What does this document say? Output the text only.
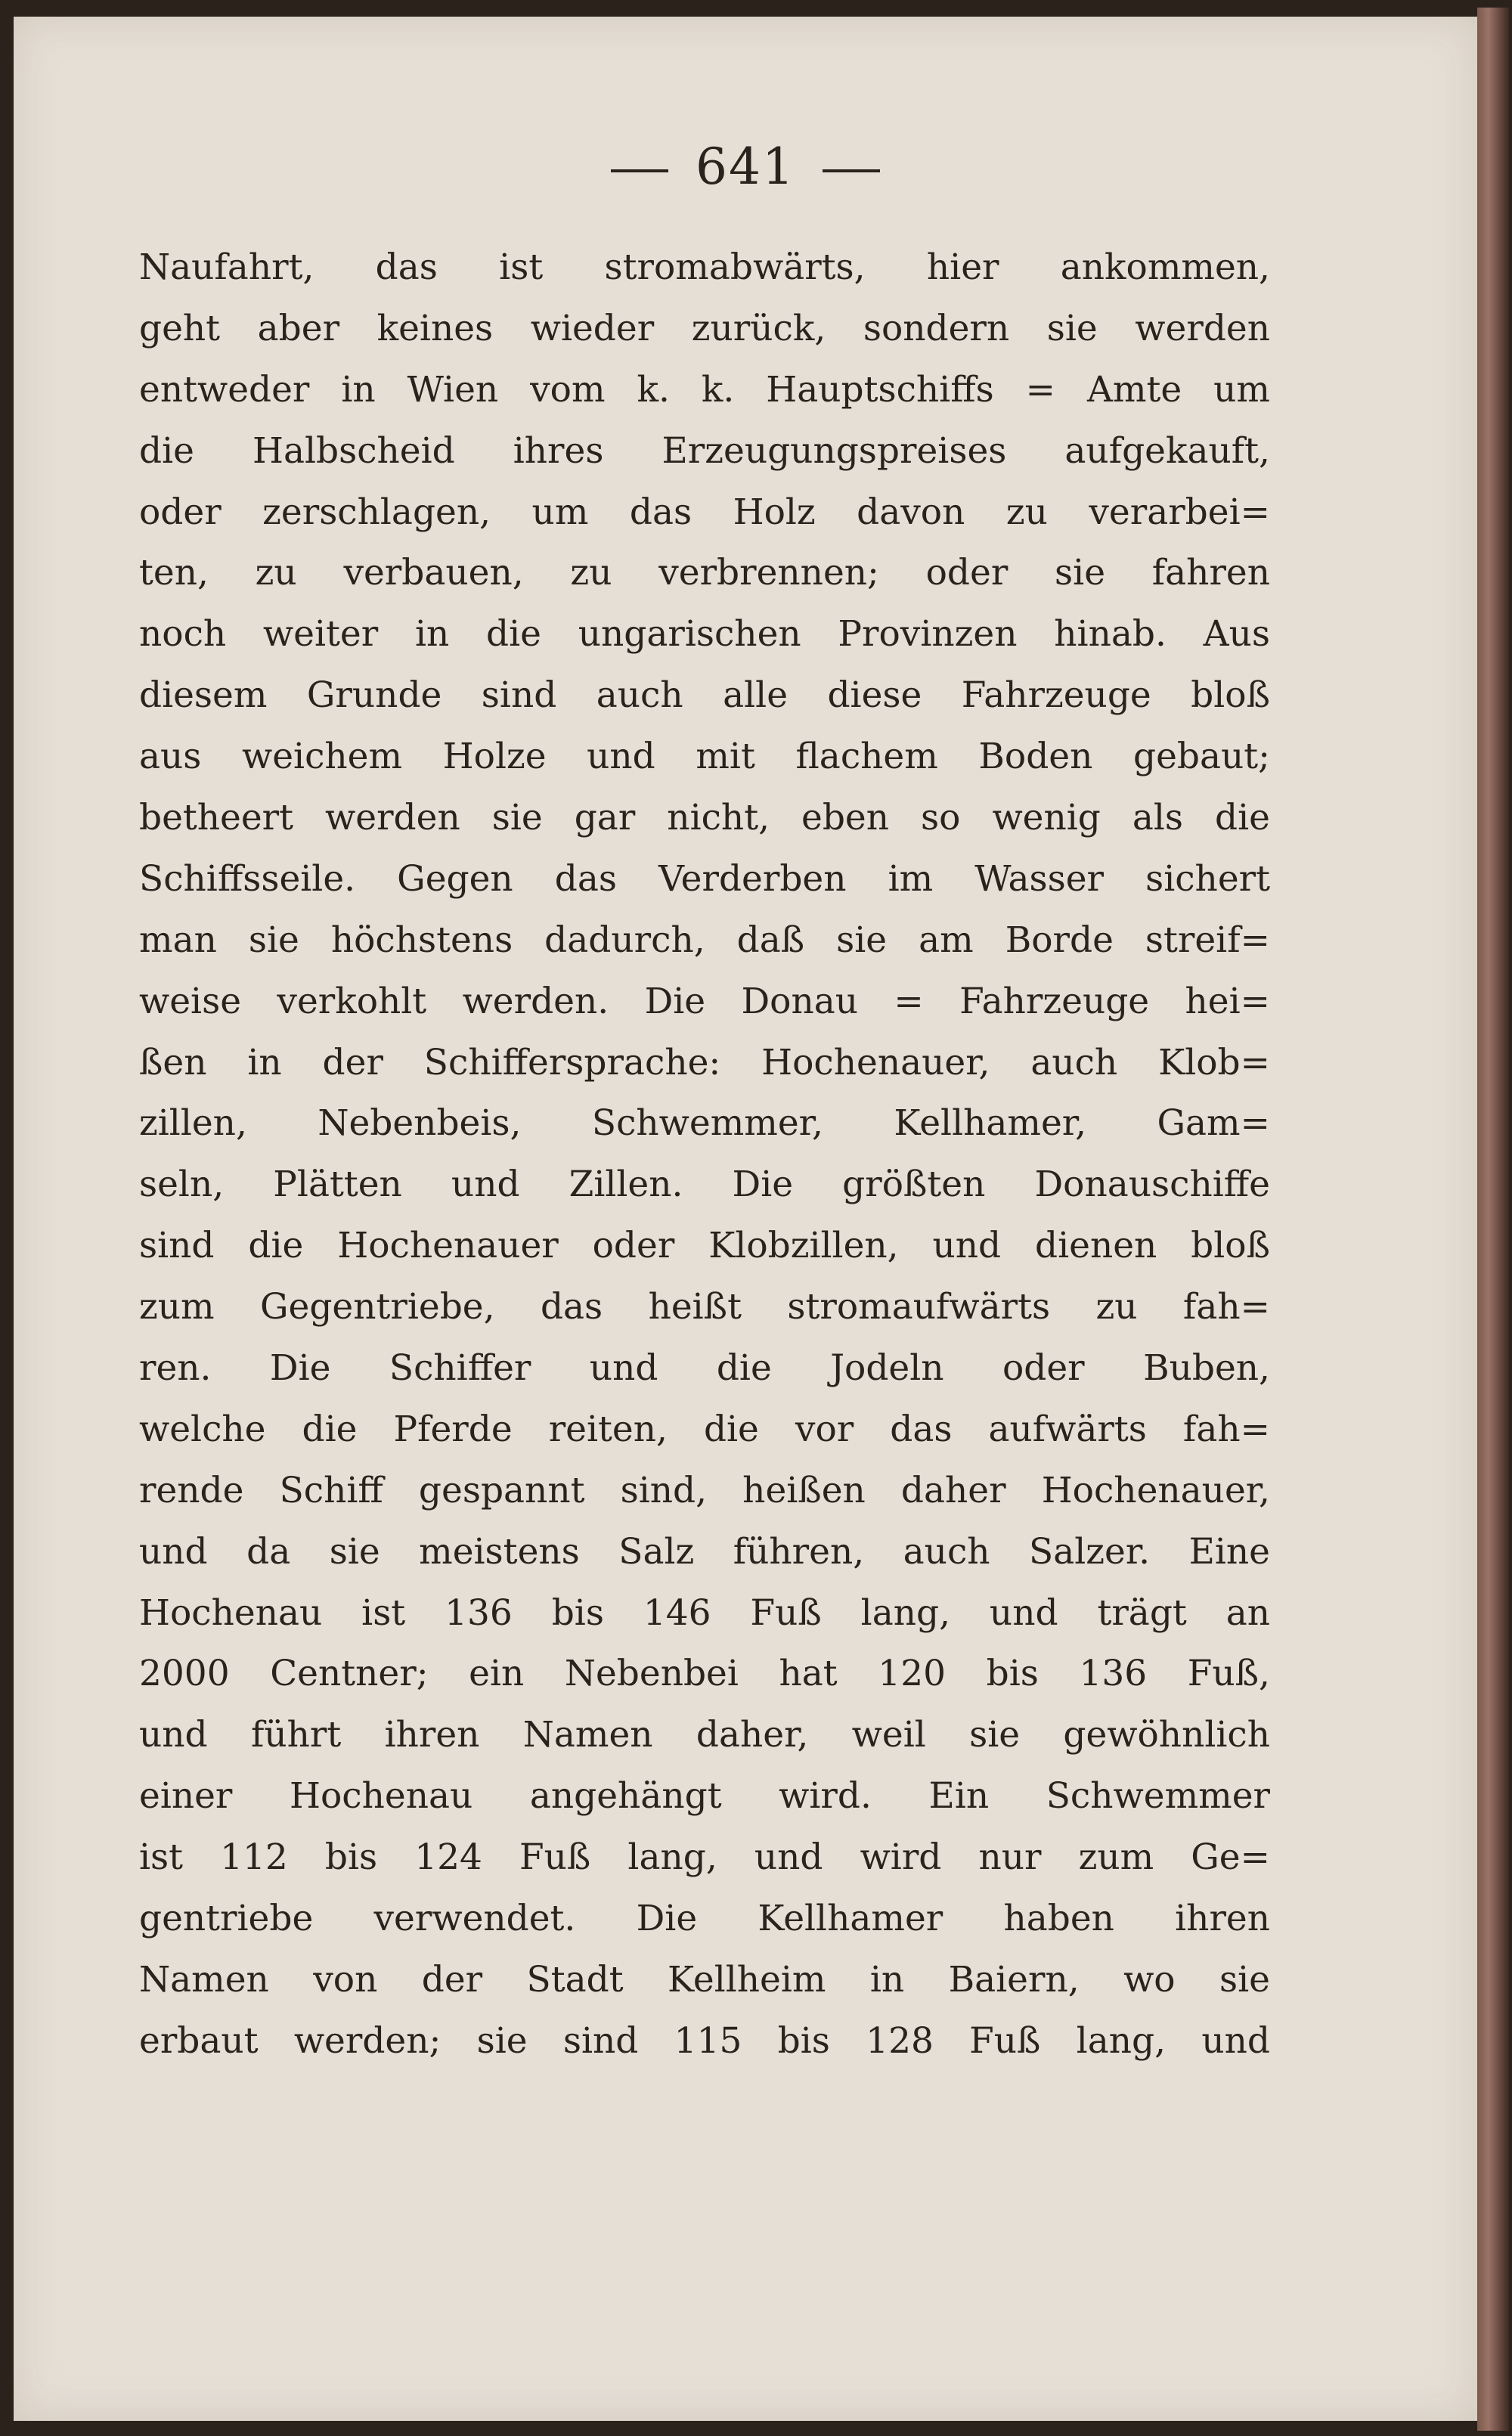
641
Naufahrt, das ist stromabwärts, hier ankommen,
geht aber keines wieder zurück, sondern sie werden
entweder in Wien vom k. k. Hauptschiffs = Amte um
die Halbscheid ihres Erzeugungspreises aufgekauft,
oder zerschlagen, um das Holz davon zu verarbei=
ten, zu verbauen, zu verbrennen; oder sie fahren
noch weiter in die ungarischen Provinzen hinab. Aus
diesem Grunde sind auch alle diese Fahrzeuge bloß
aus weichem Holze und mit flachem Boden gebaut;
betheert werden sie gar nicht, eben so wenig als die
Schiffsseile. Gegen das Verderben im Wasser sichert
man sie höchstens dadurch, daß sie am Borde streif=
weise verkohlt werden. Die Donau = Fahrzeuge hei=
ßen in der Schiffersprache: Hochenauer, auch Klob=
zillen, Nebenbeis, Schwemmer, Kellhamer, Gam=
seln, Plätten und Zillen. Die größten Donauschiffe
sind die Hochenauer oder Klobzillen, und dienen bloß
zum Gegentriebe, das heißt stromaufwärts zu fah=
ren. Die Schiffer und die Jodeln oder Buben,
welche die Pferde reiten, die vor das aufwärts fah=
rende Schiff gespannt sind, heißen daher Hochenauer,
und da sie meistens Salz führen, auch Salzer. Eine
Hochenau ist 136 bis 146 Fuß lang, und trägt an
2000 Centner; ein Nebenbei hat 120 bis 136 Fuß,
und führt ihren Namen daher, weil sie gewöhnlich
einer Hochenau angehängt wird. Ein Schwemmer
ist 112 bis 124 Fuß lang, und wird nur zum Ge=
gentriebe verwendet. Die Kellhamer haben ihren
Namen von der Stadt Kellheim in Baiern, wo sie
erbaut werden; sie sind 115 bis 128 Fuß lang, und
